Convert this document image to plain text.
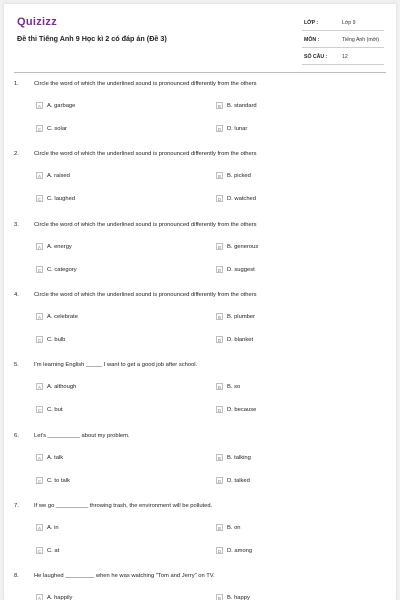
Quizizz
Đề thi Tiếng Anh 9 Học kì 2 có đáp án (Đề 3)
LỚP :	Lớp 9
MÔN :	Tiếng Anh (mới)
SỐ CÂU :	12
1.	Circle the word of which the underlined sound is pronounced differently from the others
A	A. garbage	B	B. standard
C	C. solar	D	D. lunar
2.	Circle the word of which the underlined sound is pronounced differently from the others
A	A. raised	B	B. picked
C	C. laughed	D	D. watched
3.	Circle the word of which the underlined sound is pronounced differently from the others
A	A. energy	B	B. generous
C	C. category	D	D. suggest
4.	Circle the word of which the underlined sound is pronounced differently from the others
A	A. celebrate	B	B. plumber
C	C. bulb	D	D. blanket
5.	I'm learning English _____ I want to get a good job after school.
A	A. although	B	B. so
C	C. but	D	D. because
6.	Let's __________ about my problem.
A	A. talk	B	B. talking
C	C. to talk	D	D. talked
7.	If we go __________ throwing trash, the environment will be polluted.
A	A. in	B	B. on
C	C. at	D	D. among
8.	He laughed _________ when he was watching "Tom and Jerry" on TV.
A	A. happily	B	B. happy
